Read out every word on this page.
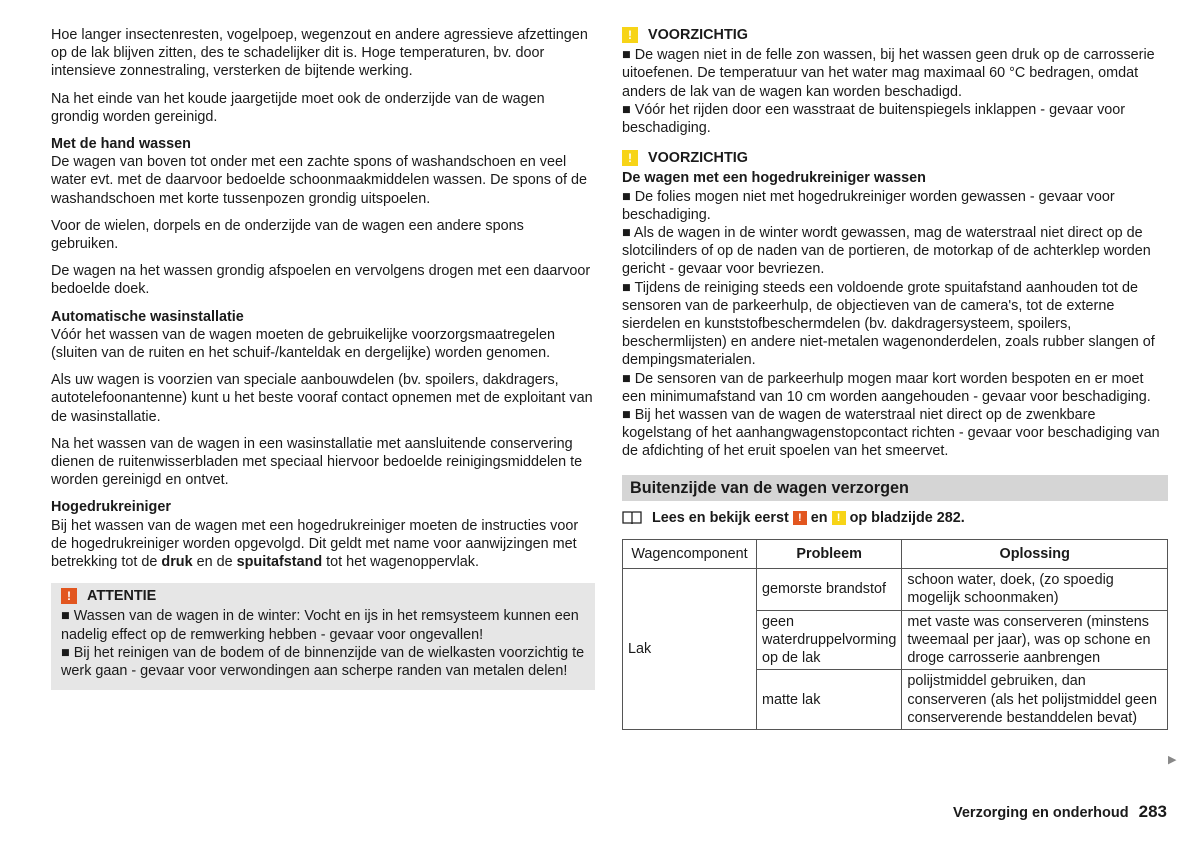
Hoe langer insectenresten, vogelpoep, wegenzout en andere agressieve afzettingen op de lak blijven zitten, des te schadelijker dit is. Hoge temperaturen, bv. door intensieve zonnestraling, versterken de bijtende werking.

Na het einde van het koude jaargetijde moet ook de onderzijde van de wagen grondig worden gereinigd.

Met de hand wassen
De wagen van boven tot onder met een zachte spons of washandschoen en veel water evt. met de daarvoor bedoelde schoonmaakmiddelen wassen. De spons of de washandschoen met korte tussenpozen grondig uitspoelen.

Voor de wielen, dorpels en de onderzijde van de wagen een andere spons gebruiken.

De wagen na het wassen grondig afspoelen en vervolgens drogen met een daarvoor bedoelde doek.

Automatische wasinstallatie
Vóór het wassen van de wagen moeten de gebruikelijke voorzorgsmaatregelen (sluiten van de ruiten en het schuif-/kanteldak en dergelijke) worden genomen.

Als uw wagen is voorzien van speciale aanbouwdelen (bv. spoilers, dakdragers, autotelefoonantenne) kunt u het beste vooraf contact opnemen met de exploitant van de wasinstallatie.

Na het wassen van de wagen in een wasinstallatie met aansluitende conservering dienen de ruitenwisserbladen met speciaal hiervoor bedoelde reinigingsmiddelen te worden gereinigd en ontvet.

Hogedrukreiniger
Bij het wassen van de wagen met een hogedrukreiniger moeten de instructies voor de hogedrukreiniger worden opgevolgd. Dit geldt met name voor aanwijzingen met betrekking tot de druk en de spuitafstand tot het wagenoppervlak.

!	ATTENTIE
■ Wassen van de wagen in de winter: Vocht en ijs in het remsysteem kunnen een nadelig effect op de remwerking hebben - gevaar voor ongevallen!
■ Bij het reinigen van de bodem of de binnenzijde van de wielkasten voorzichtig te werk gaan - gevaar voor verwondingen aan scherpe randen van metalen delen!
!	VOORZICHTIG
■ De wagen niet in de felle zon wassen, bij het wassen geen druk op de carrosserie uitoefenen. De temperatuur van het water mag maximaal 60 °C bedragen, omdat anders de lak van de wagen kan worden beschadigd.
■ Vóór het rijden door een wasstraat de buitenspiegels inklappen - gevaar voor beschadiging.
!	VOORZICHTIG
De wagen met een hogedrukreiniger wassen
■ De folies mogen niet met hogedrukreiniger worden gewassen - gevaar voor beschadiging.
■ Als de wagen in de winter wordt gewassen, mag de waterstraal niet direct op de slotcilinders of op de naden van de portieren, de motorkap of de achterklep worden gericht - gevaar voor bevriezen.
■ Tijdens de reiniging steeds een voldoende grote spuitafstand aanhouden tot de sensoren van de parkeerhulp, de objectieven van de camera's, tot de externe sierdelen en kunststofbeschermdelen (bv. dakdragersysteem, spoilers, beschermlijsten) en andere niet-metalen wagenonderdelen, zoals rubber slangen of dempingsmaterialen.
■ De sensoren van de parkeerhulp mogen maar kort worden bespoten en er moet een minimumafstand van 10 cm worden aangehouden - gevaar voor beschadiging.
■ Bij het wassen van de wagen de waterstraal niet direct op de zwenkbare kogelstang of het aanhangwagenstopcontact richten - gevaar voor beschadiging van de afdichting of het eruit spoelen van het smeervet.
Buitenzijde van de wagen verzorgen
Lees en bekijk eerst ! en ! op bladzijde 282.
Wagencomponent	Probleem	Oplossing
Lak	gemorste brandstof	schoon water, doek, (zo spoedig mogelijk schoonmaken)
	geen waterdruppelvorming op de lak	met vaste was conserveren (minstens tweemaal per jaar), was op schone en droge carrosserie aanbrengen
	matte lak	polijstmiddel gebruiken, dan conserveren (als het polijstmiddel geen conserverende bestanddelen bevat)
▶
Verzorging en onderhoud 283
